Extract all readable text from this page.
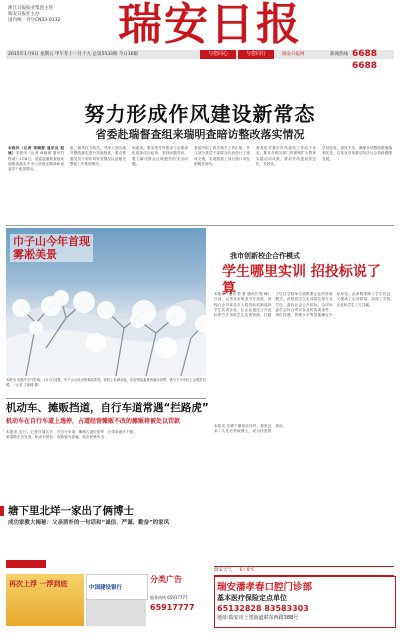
浙江日报报业集团主管
瑞安日报社主办
国内统一刊号CN33-0132	瑞安日报
2015年1月9日 星期五 甲午年十一月十九 总第5533期 今日16版	与您同心	与您同行	瑞安日报网	新闻热线 6688 6688
努力形成作风建设新常态
省委赴瑞督查组来瑞明查暗访整改落实情况
本报讯（记者 章晓蓉 通讯员 程 诚）本报讯（记者 章晓蓉 通讯员 程诚）1月8日，省委赴瑞督查组来瑞督查落实中央八项规定精神和省委若干意见情况。
组，最高权力机关，并深入到各地对整改落实进行实地督查，重点察看党员干部作风转变情况以及相关整改工作推进情况。
和意见，要求把作风建设与全面深化改革结合起来，坚持问题导向，着力解决群众反映强烈的突出问题。
查组听取了我市相关工作汇报，并与部分基层干部群众代表进行了座谈交流，实地察看了部分窗口单位和服务场所。
督查组对我市作风建设工作给予肯定。要求各级各部门巩固和扩大教育实践活动成果，推动作风建设常态化、长效化。
总结经验，查找不足，确保各项整改措施落到实处，以优良作风推动经济社会持续健康发展。
巾子山今年首现
雾凇美景
本报讯 受强冷空气影响，1月7日清晨，巾子山山顶出现雾凇景观，树枝上挂满冰晶，宛若银装素裹的童话世界，吸引不少市民上山观赏拍照。（记者 王新楼 摄）
我市创新校企合作模式
学生哪里实训 招投标说了算
本报讯（记者 蔡 蕾 通讯员 程 峰）日前，记者从市职业中专获悉，该校在全市率先引入招投标机制选择学生实训企业，让企业通过公开竞标的方式争取学生实训资源，打破了以往学校单方面联系企业的传统模式。该校将学生实训岗位按专业打包，面向社会公开招标，由评标委员会综合考评企业的实训条件、岗位待遇、管理水平等因素确定中标单位。此举既保障了学生权益，又提高了实训质量，实现了学校、企业和学生三方共赢。
机动车、摊贩挡道，自行车道常遇“拦路虎”
机动车在自行车道上逸停，占道经营摊贩不改的摊贩将被处以罚款
本报讯 近日，记者在城区多条道路走访发现，机动车停放在自行车道、摊贩占道经营等现象较为普遍，给市民骑车出行带来诸多不便。
塘下里北垟一家出了俩博士
成功家教大揭秘：父亲质朴的一句话和“诚信、严谨、勤奋”的家风
本报讯 在塘下镇里北垟村，林家兄弟二人先后考取博士，成为村里的美谈。
瑞安天气 6～9℃
再次上浮 一浮到底	中国建设银行
分类广告
服务热线 65917777
65917777
瑞安潘孝春口腔门诊部
基本医疗保险定点单位
65132828 83583303
地址:瑞安市上望街道联东西路388号
